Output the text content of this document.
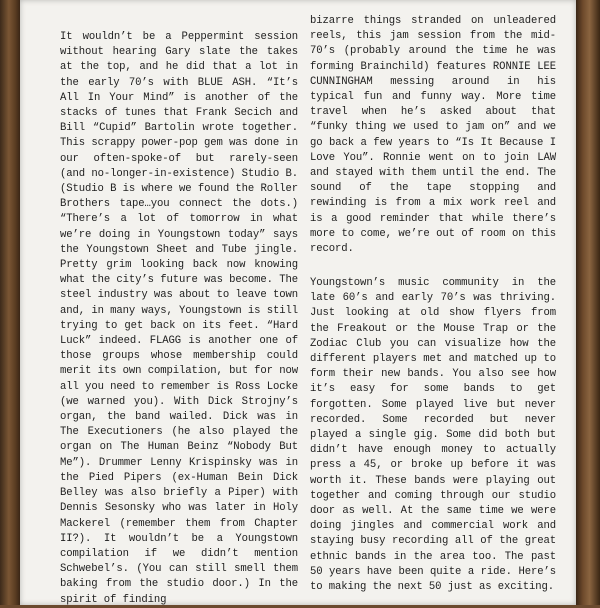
It wouldn’t be a Peppermint session without hearing Gary slate the takes at the top, and he did that a lot in the early 70’s with BLUE ASH. “It’s All In Your Mind” is another of the stacks of tunes that Frank Secich and Bill “Cupid” Bartolin wrote together. This scrappy power-pop gem was done in our often-spoke-of but rarely-seen (and no-longer-in-existence) Studio B. (Studio B is where we found the Roller Brothers tape…you connect the dots.) “There’s a lot of tomorrow in what we’re doing in Youngstown today” says the Youngstown Sheet and Tube jingle. Pretty grim looking back now knowing what the city’s future was become. The steel industry was about to leave town and, in many ways, Youngstown is still trying to get back on its feet. “Hard Luck” indeed. FLAGG is another one of those groups whose membership could merit its own compilation, but for now all you need to remember is Ross Locke (we warned you). With Dick Strojny’s organ, the band wailed. Dick was in The Executioners (he also played the organ on The Human Beinz “Nobody But Me”). Drummer Lenny Krispinsky was in the Pied Pipers (ex-Human Bein Dick Belley was also briefly a Piper) with Dennis Sesonsky who was later in Holy Mackerel (remember them from Chapter II?). It wouldn’t be a Youngstown compilation if we didn’t mention Schwebel’s. (You can still smell them baking from the studio door.) In the spirit of finding

bizarre things stranded on unleadered reels, this jam session from the mid-70’s (probably around the time he was forming Brainchild) features RONNIE LEE CUNNINGHAM messing around in his typical fun and funny way. More time travel when he’s asked about that “funky thing we used to jam on” and we go back a few years to “Is It Because I Love You”. Ronnie went on to join LAW and stayed with them until the end. The sound of the tape stopping and rewinding is from a mix work reel and is a good reminder that while there’s more to come, we’re out of room on this record.

Youngstown’s music community in the late 60’s and early 70’s was thriving. Just looking at old show flyers from the Freakout or the Mouse Trap or the Zodiac Club you can visualize how the different players met and matched up to form their new bands. You also see how it’s easy for some bands to get forgotten. Some played live but never recorded. Some recorded but never played a single gig. Some did both but didn’t have enough money to actually press a 45, or broke up before it was worth it. These bands were playing out together and coming through our studio door as well. At the same time we were doing jingles and commercial work and staying busy recording all of the great ethnic bands in the area too. The past 50 years have been quite a ride. Here’s to making the next 50 just as exciting.
